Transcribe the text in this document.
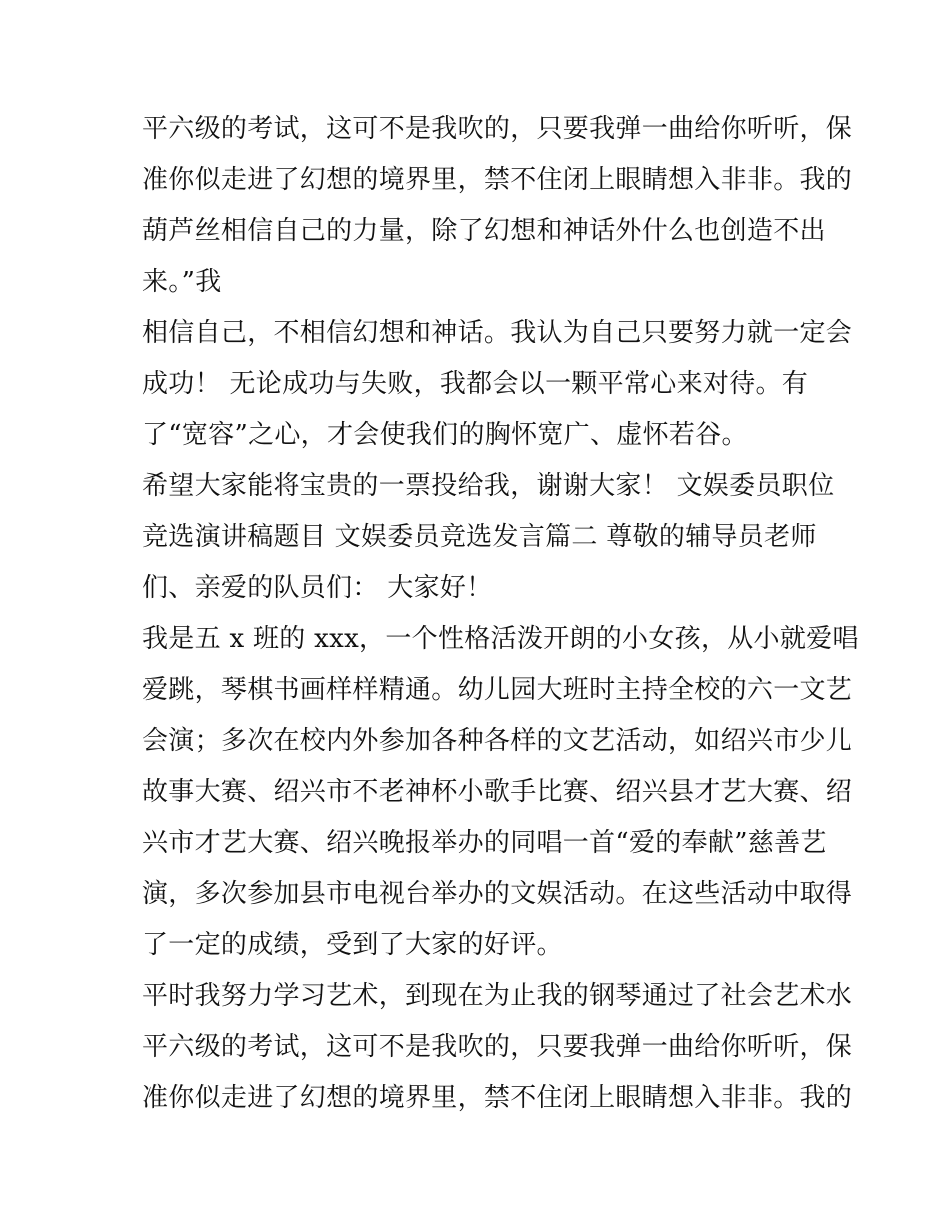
平六级的考试，这可不是我吹的，只要我弹一曲给你听听，保
准你似走进了幻想的境界里，禁不住闭上眼睛想入非非。我的
葫芦丝相信自己的力量，除了幻想和神话外什么也创造不出
来。”我
相信自己，不相信幻想和神话。我认为自己只要努力就一定会
成功！ 无论成功与失败，我都会以一颗平常心来对待。有
了“宽容”之心，才会使我们的胸怀宽广、虚怀若谷。
希望大家能将宝贵的一票投给我，谢谢大家！ 文娱委员职位
竞选演讲稿题目 文娱委员竞选发言篇二 尊敬的辅导员老师
们、亲爱的队员们： 大家好！
我是五 x 班的 xxx，一个性格活泼开朗的小女孩，从小就爱唱
爱跳，琴棋书画样样精通。幼儿园大班时主持全校的六一文艺
会演；多次在校内外参加各种各样的文艺活动，如绍兴市少儿
故事大赛、绍兴市不老神杯小歌手比赛、绍兴县才艺大赛、绍
兴市才艺大赛、绍兴晚报举办的同唱一首“爱的奉献”慈善艺
演，多次参加县市电视台举办的文娱活动。在这些活动中取得
了一定的成绩，受到了大家的好评。
平时我努力学习艺术，到现在为止我的钢琴通过了社会艺术水
平六级的考试，这可不是我吹的，只要我弹一曲给你听听，保
准你似走进了幻想的境界里，禁不住闭上眼睛想入非非。我的
